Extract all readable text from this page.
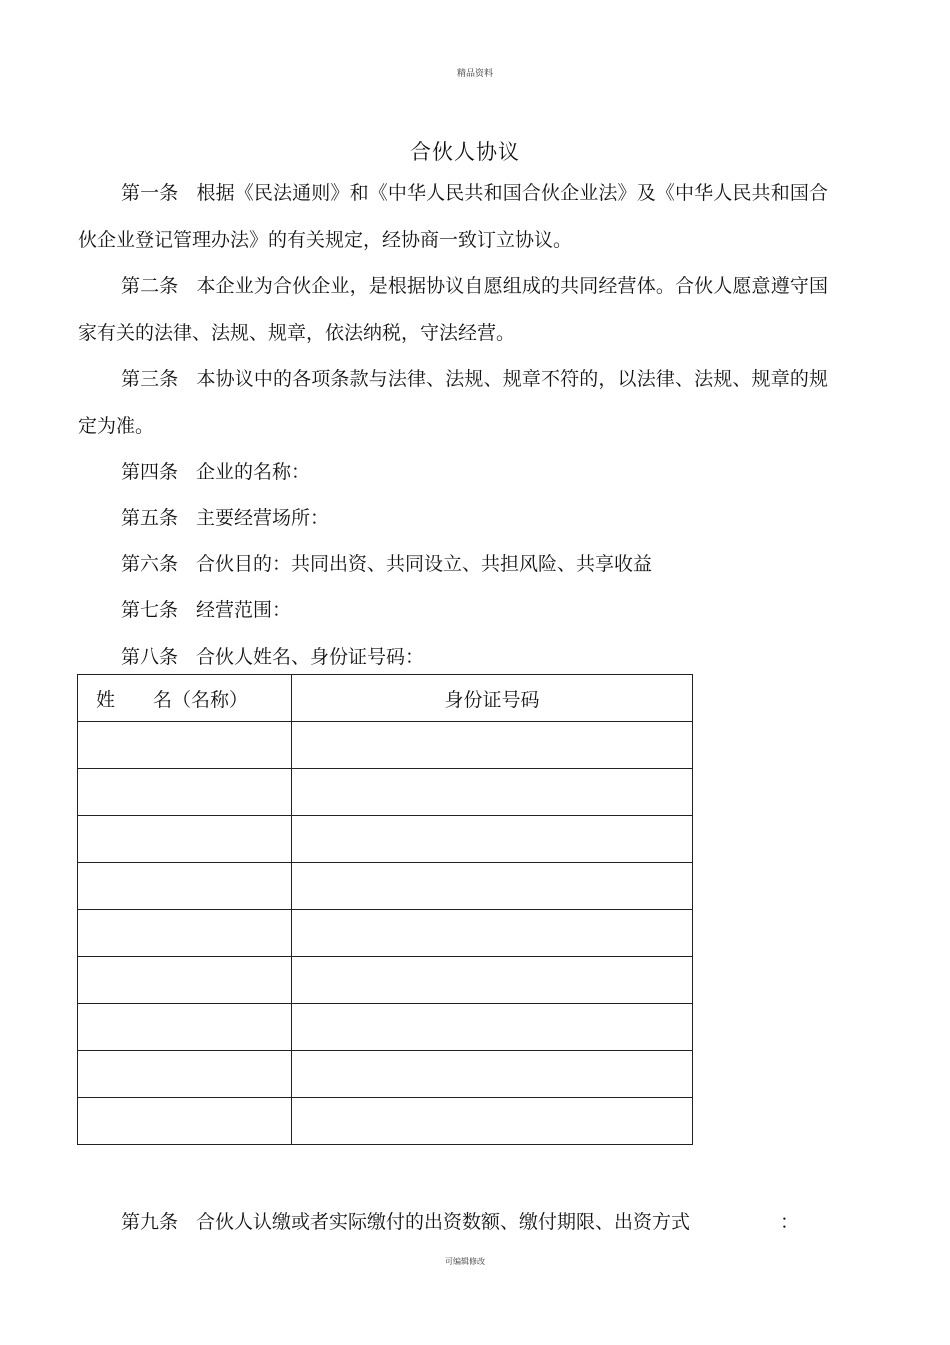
精品资料
合伙人协议
第一条 根据《民法通则》和《中华人民共和国合伙企业法》及《中华人民共和国合伙企业登记管理办法》的有关规定，经协商一致订立协议。
第二条 本企业为合伙企业，是根据协议自愿组成的共同经营体。合伙人愿意遵守国家有关的法律、法规、规章，依法纳税，守法经营。
第三条 本协议中的各项条款与法律、法规、规章不符的，以法律、法规、规章的规定为准。
第四条 企业的名称：
第五条 主要经营场所：
第六条 合伙目的：共同出资、共同设立、共担风险、共享收益
第七条 经营范围：
第八条 合伙人姓名、身份证号码：
姓　　名（名称）	身份证号码

第九条 合伙人认缴或者实际缴付的出资数额、缴付期限、出资方式	：
可编辑修改
